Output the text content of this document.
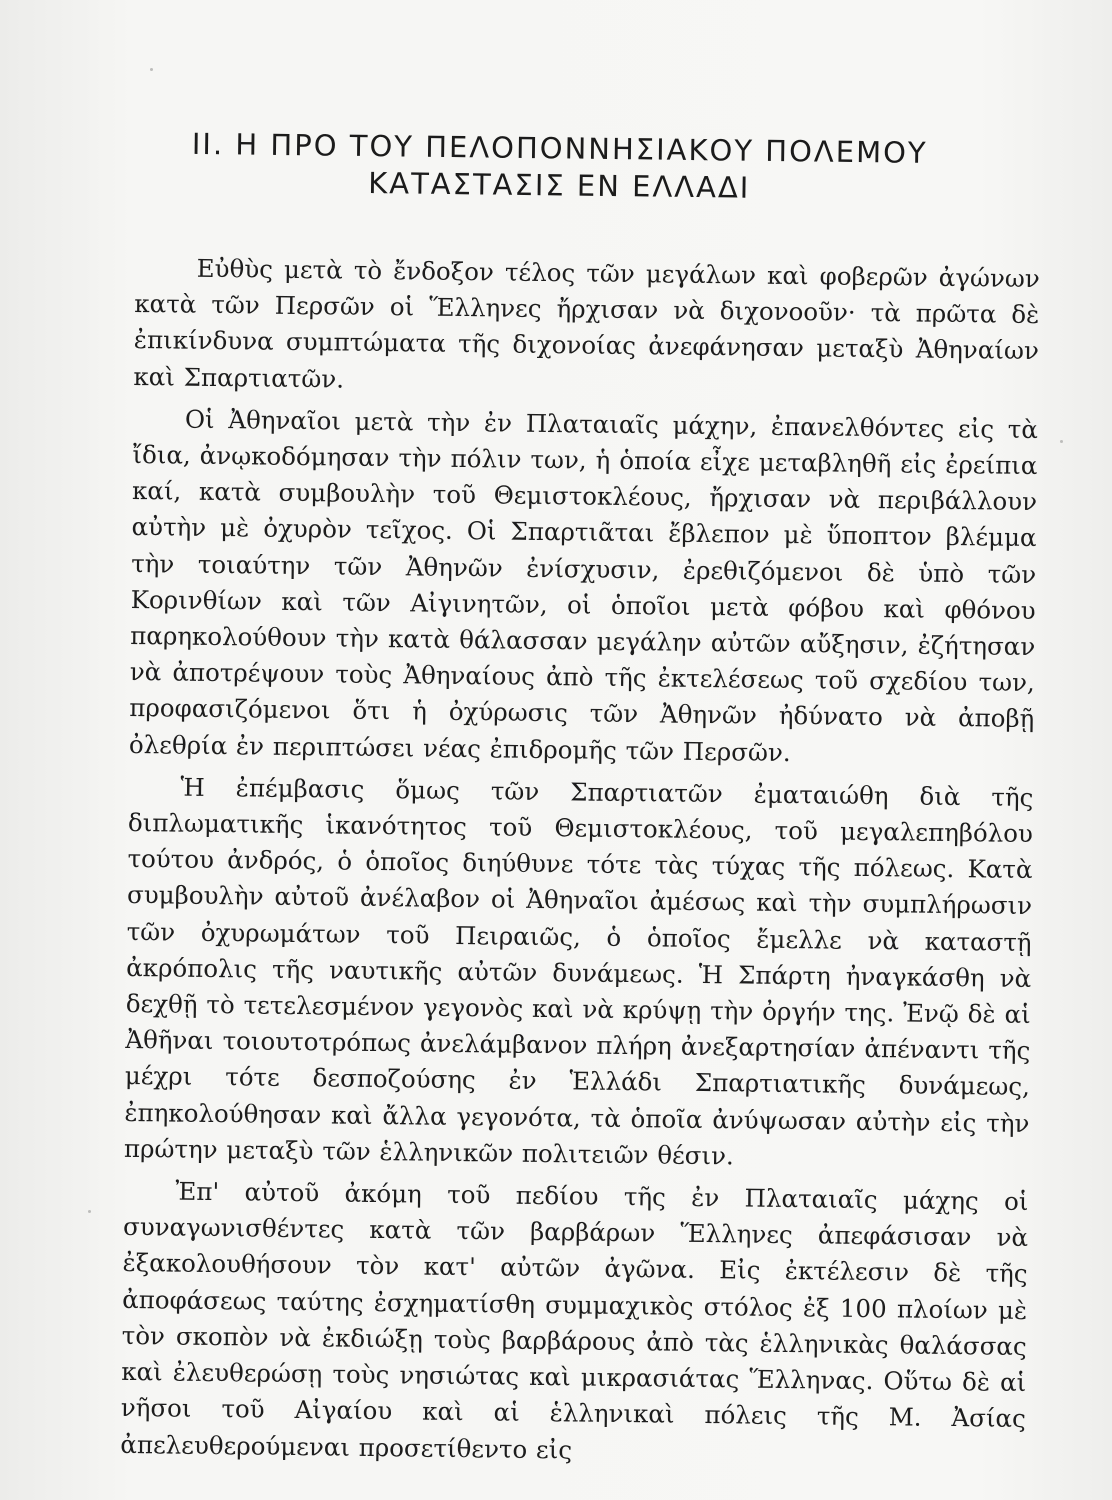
II. Η ΠΡΟ ΤΟΥ ΠΕΛΟΠΟΝΝΗΣΙΑΚΟΥ ΠΟΛΕΜΟΥ
ΚΑΤΑΣΤΑΣΙΣ ΕΝ ΕΛΛΑΔΙ

Εὐθὺς μετὰ τὸ ἔνδοξον τέλος τῶν μεγάλων καὶ φοβερῶν ἀγώνων κατὰ τῶν Περσῶν οἱ Ἕλληνες ἤρχισαν νὰ διχονοοῦν· τὰ πρῶτα δὲ ἐπικίνδυνα συμπτώματα τῆς διχονοίας ἀνεφάνησαν μεταξὺ Ἀθηναίων καὶ Σπαρτιατῶν.

Οἱ Ἀθηναῖοι μετὰ τὴν ἐν Πλαταιαῖς μάχην, ἐπανελθόντες εἰς τὰ ἴδια, ἀνῳκοδόμησαν τὴν πόλιν των, ἡ ὁποία εἶχε μεταβληθῆ εἰς ἐρείπια καί, κατὰ συμβουλὴν τοῦ Θεμιστοκλέους, ἤρχισαν νὰ περιβάλλουν αὐτὴν μὲ ὀχυρὸν τεῖχος. Οἱ Σπαρτιᾶται ἔβλεπον μὲ ὕποπτον βλέμμα τὴν τοιαύτην τῶν Ἀθηνῶν ἐνίσχυσιν, ἐρεθιζόμενοι δὲ ὑπὸ τῶν Κορινθίων καὶ τῶν Αἰγινητῶν, οἱ ὁποῖοι μετὰ φόβου καὶ φθόνου παρηκολούθουν τὴν κατὰ θάλασσαν μεγάλην αὐτῶν αὔξησιν, ἐζήτησαν νὰ ἀποτρέψουν τοὺς Ἀθηναίους ἀπὸ τῆς ἐκτελέσεως τοῦ σχεδίου των, προφασιζόμενοι ὅτι ἡ ὀχύρωσις τῶν Ἀθηνῶν ἠδύνατο νὰ ἀποβῇ ὀλεθρία ἐν περιπτώσει νέας ἐπιδρομῆς τῶν Περσῶν.

Ἡ ἐπέμβασις ὅμως τῶν Σπαρτιατῶν ἐματαιώθη διὰ τῆς διπλωματικῆς ἱκανότητος τοῦ Θεμιστοκλέους, τοῦ μεγαλεπηβόλου τούτου ἀνδρός, ὁ ὁποῖος διηύθυνε τότε τὰς τύχας τῆς πόλεως. Κατὰ συμβουλὴν αὐτοῦ ἀνέλαβον οἱ Ἀθηναῖοι ἀμέσως καὶ τὴν συμπλήρωσιν τῶν ὀχυρωμάτων τοῦ Πειραιῶς, ὁ ὁποῖος ἔμελλε νὰ καταστῇ ἀκρόπολις τῆς ναυτικῆς αὐτῶν δυνάμεως. Ἡ Σπάρτη ἠναγκάσθη νὰ δεχθῇ τὸ τετελεσμένον γεγονὸς καὶ νὰ κρύψῃ τὴν ὀργήν της. Ἐνῷ δὲ αἱ Ἀθῆναι τοιουτοτρόπως ἀνελάμβανον πλήρη ἀνεξαρτησίαν ἀπέναντι τῆς μέχρι τότε δεσποζούσης ἐν Ἑλλάδι Σπαρτιατικῆς δυνάμεως, ἐπηκολούθησαν καὶ ἄλλα γεγονότα, τὰ ὁποῖα ἀνύψωσαν αὐτὴν εἰς τὴν πρώτην μεταξὺ τῶν ἑλληνικῶν πολιτειῶν θέσιν.

Ἐπ' αὐτοῦ ἀκόμη τοῦ πεδίου τῆς ἐν Πλαταιαῖς μάχης οἱ συναγωνισθέντες κατὰ τῶν βαρβάρων Ἕλληνες ἀπεφάσισαν νὰ ἐξακολουθήσουν τὸν κατ' αὐτῶν ἀγῶνα. Εἰς ἐκτέλεσιν δὲ τῆς ἀποφάσεως ταύτης ἐσχηματίσθη συμμαχικὸς στόλος ἐξ 100 πλοίων μὲ τὸν σκοπὸν νὰ ἐκδιώξῃ τοὺς βαρβάρους ἀπὸ τὰς ἑλληνικὰς θαλάσσας καὶ ἐλευθερώσῃ τοὺς νησιώτας καὶ μικρασιάτας Ἕλληνας. Οὕτω δὲ αἱ νῆσοι τοῦ Αἰγαίου καὶ αἱ ἑλληνικαὶ πόλεις τῆς Μ. Ἀσίας ἀπελευθερούμεναι προσετίθεντο εἰς
